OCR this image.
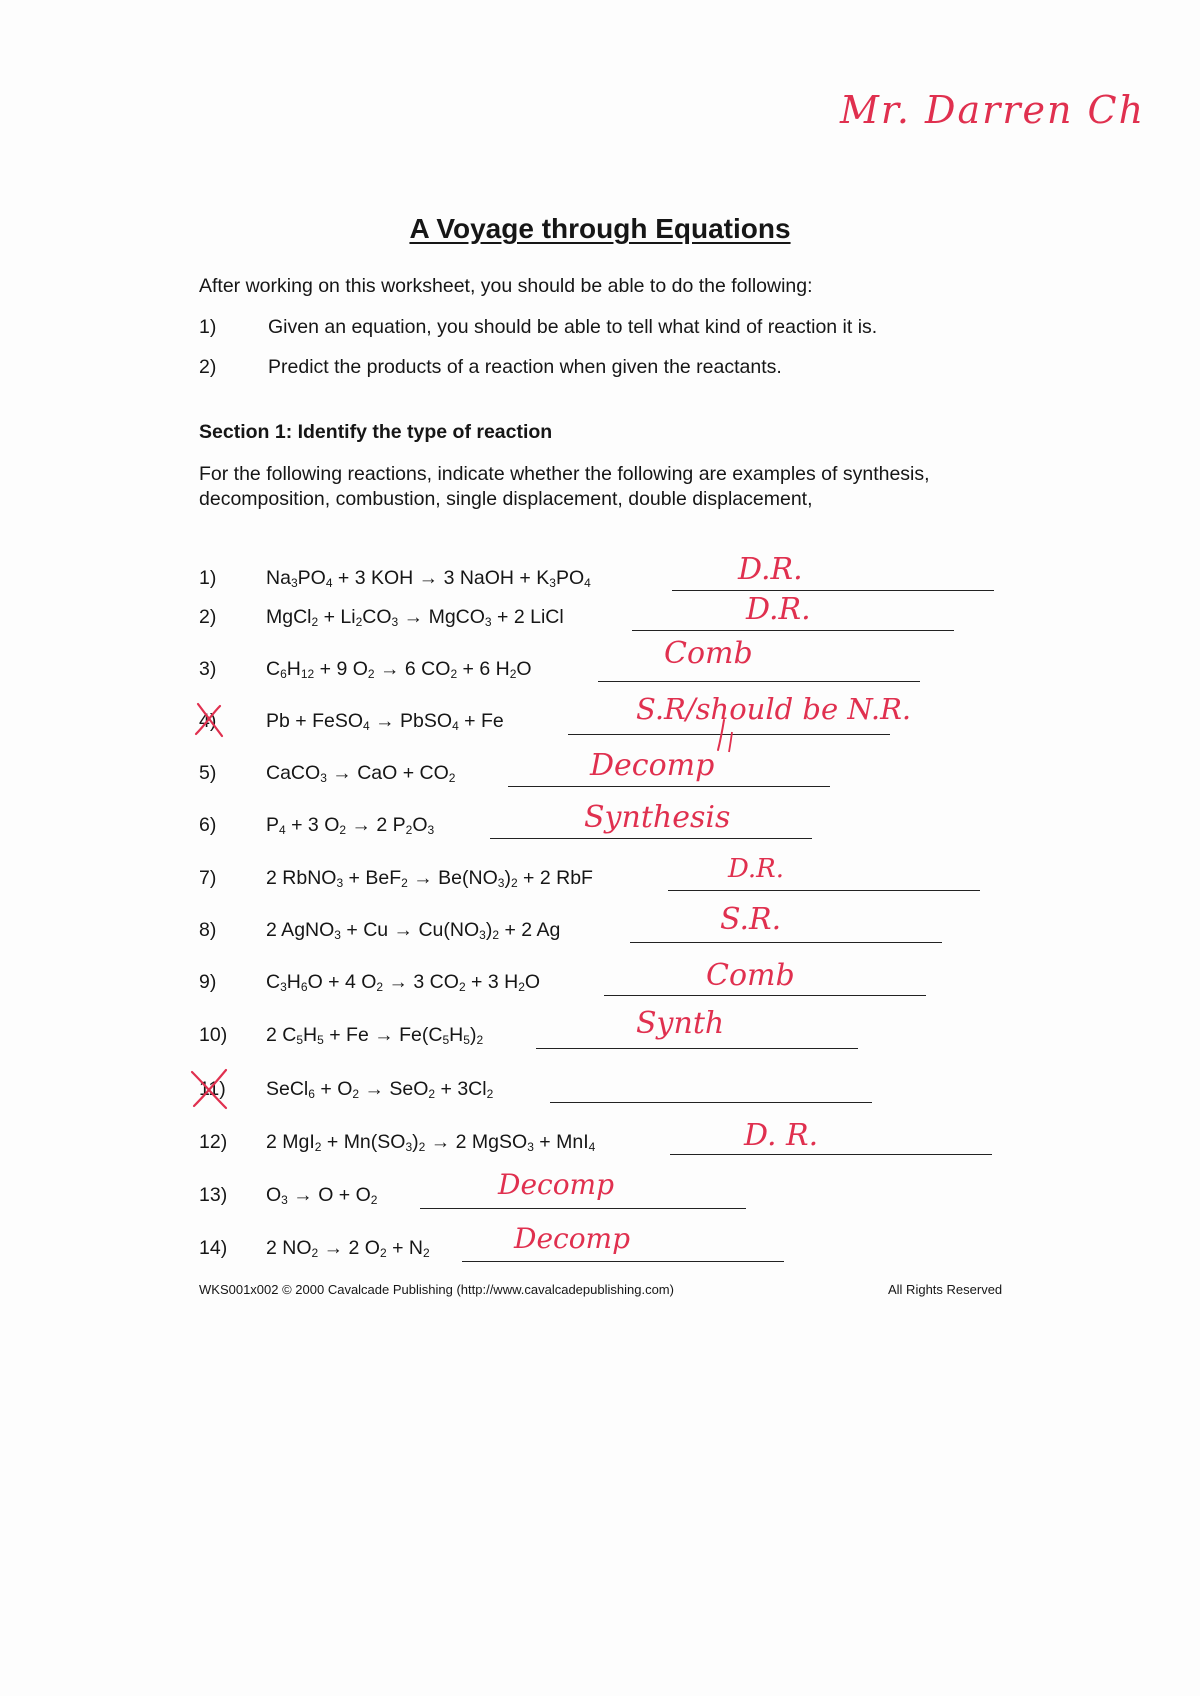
Mr. Darren Ch
A Voyage through Equations
After working on this worksheet, you should be able to do the following:
1)	Given an equation, you should be able to tell what kind of reaction it is.
2)	Predict the products of a reaction when given the reactants.
Section 1: Identify the type of reaction
For the following reactions, indicate whether the following are examples of synthesis, decomposition, combustion, single displacement, double displacement,
1)	$Na_3PO_4 + 3$ KOH → 3 NaOH + $K_3PO_4$	D.R.
2)	MgCl$_2$ + $Li_2CO_3$ → MgCO$_3$ + 2 LiCl	D.R.
3)	$C_6H_{12} + 9$ $O_2 \to 6$ $CO_2 + 6$ $H_2O$	Comb
4)	Pb + FeSO$_4$ → PbSO$_4$ + Fe	S.R/should be N.R.
5)	CaCO$_3$ → CaO + $CO_2$	Decomp
6)	$P_4 + 3$ $O_2 \to 2$ $P_2O_3$	Synthesis
7)	2 RbNO$_3$ + $BeF_2 \to Be(NO_3)_2 + 2$ RbF	D.R.
8)	2 AgNO$_3$ + $Cu \to Cu(NO_3)_2 + 2$ Ag	S.R.
9)	$C_3H_6O + 4$ $O_2 \to 3$ $CO_2 + 3$ $H_2O$	Comb
10) 2 $C_5H_5 + Fe \to Fe(C_5H_5)_2$	Synth
11) SeCl$_6$ + $O_2 \to SeO_2 + 3Cl_2$
12) 2 $MgI_2 + Mn(SO_3)_2 \to 2$ MgSO$_3$ + MnI$_4$	D. R.
13) $O_3 \to O + O_2$	Decomp
14) 2 $NO_2 \to 2$ $O_2 + N_2$	Decomp
WKS001x002 © 2000 Cavalcade Publishing (http://www.cavalcadepublishing.com)	All Rights Reserved
